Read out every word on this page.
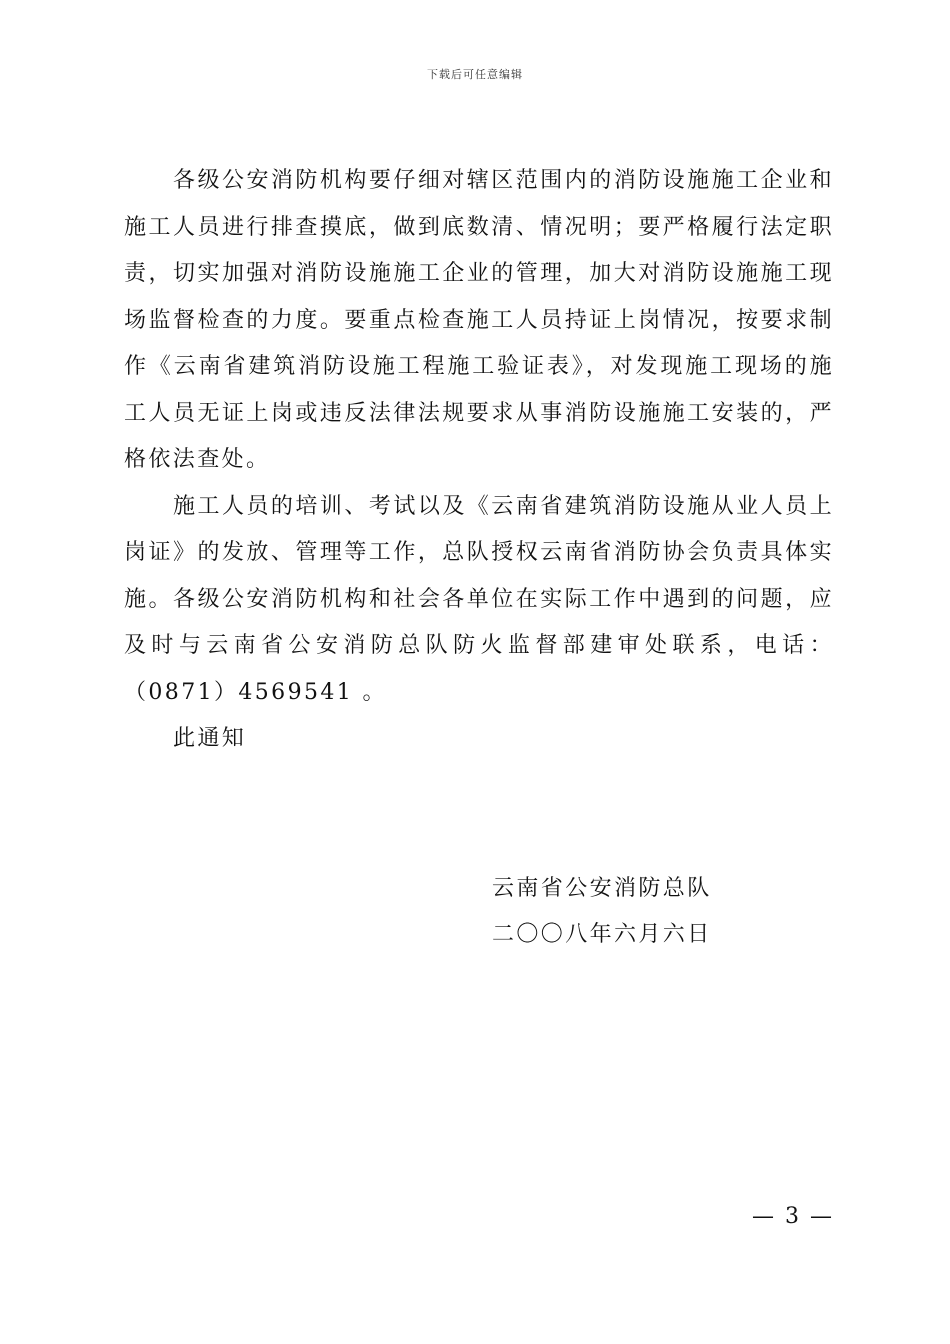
下载后可任意编辑

各级公安消防机构要仔细对辖区范围内的消防设施施工企业和施工人员进行排查摸底，做到底数清、情况明；要严格履行法定职责，切实加强对消防设施施工企业的管理，加大对消防设施施工现场监督检查的力度。要重点检查施工人员持证上岗情况，按要求制作《云南省建筑消防设施工程施工验证表》，对发现施工现场的施工人员无证上岗或违反法律法规要求从事消防设施施工安装的，严格依法查处。

施工人员的培训、考试以及《云南省建筑消防设施从业人员上岗证》的发放、管理等工作，总队授权云南省消防协会负责具体实施。各级公安消防机构和社会各单位在实际工作中遇到的问题，应及时与云南省公安消防总队防火监督部建审处联系，电话：（0871）4569541 。

此通知

云南省公安消防总队
二〇〇八年六月六日
— 3 —
